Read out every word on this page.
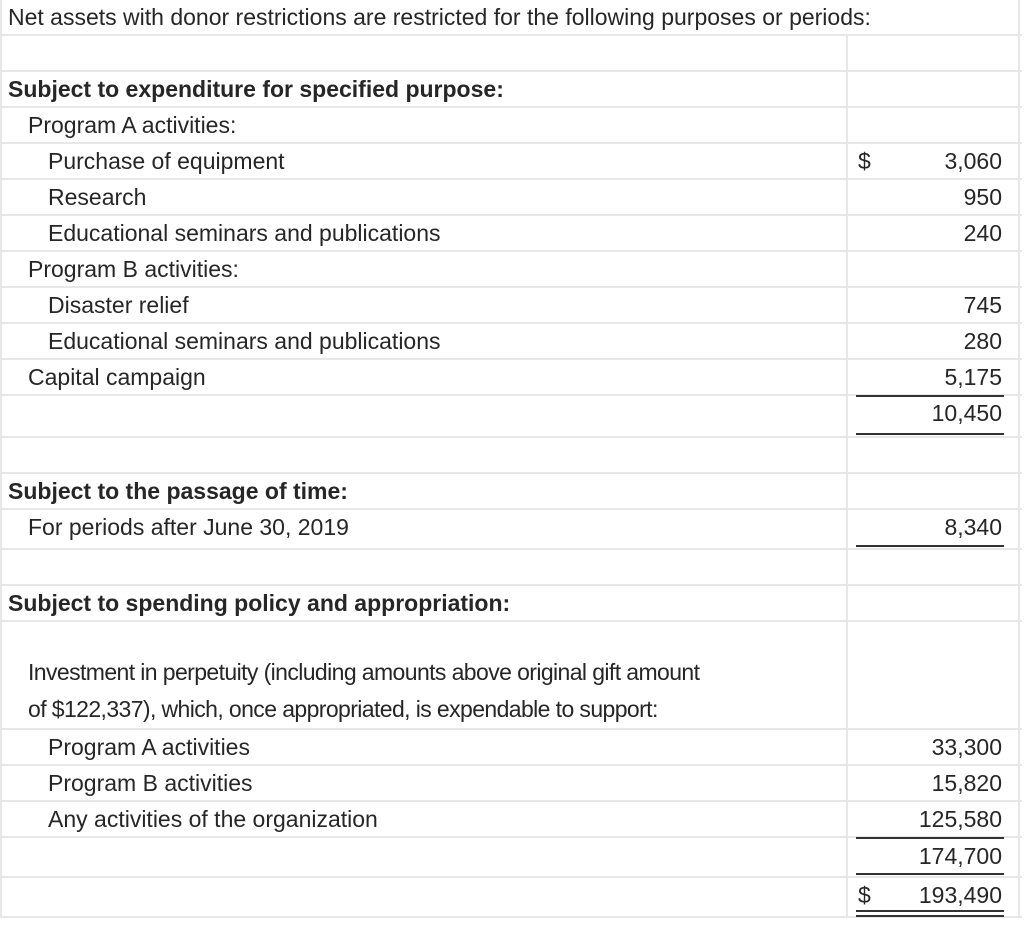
Net assets with donor restrictions are restricted for the following purposes or periods:
Subject to expenditure for specified purpose:
Program A activities:
Purchase of equipment	$	3,060
Research	950
Educational seminars and publications	240
Program B activities:
Disaster relief	745
Educational seminars and publications	280
Capital campaign	5,175
10,450
Subject to the passage of time:
For periods after June 30, 2019	8,340
Subject to spending policy and appropriation:
Investment in perpetuity (including amounts above original gift amount
of $122,337), which, once appropriated, is expendable to support:
Program A activities	33,300
Program B activities	15,820
Any activities of the organization	125,580
174,700
$ 193,490
